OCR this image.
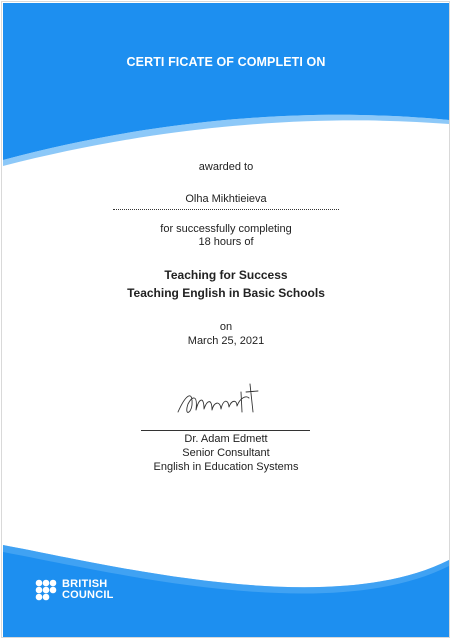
CERTI FICATE OF COMPLETI ON
awarded to
Olha Mikhtieieva
for successfully completing
18 hours of
Teaching for Success
Teaching English in Basic Schools
on
March 25, 2021
Dr. Adam Edmett
Senior Consultant
English in Education Systems
BRITISH
COUNCIL
